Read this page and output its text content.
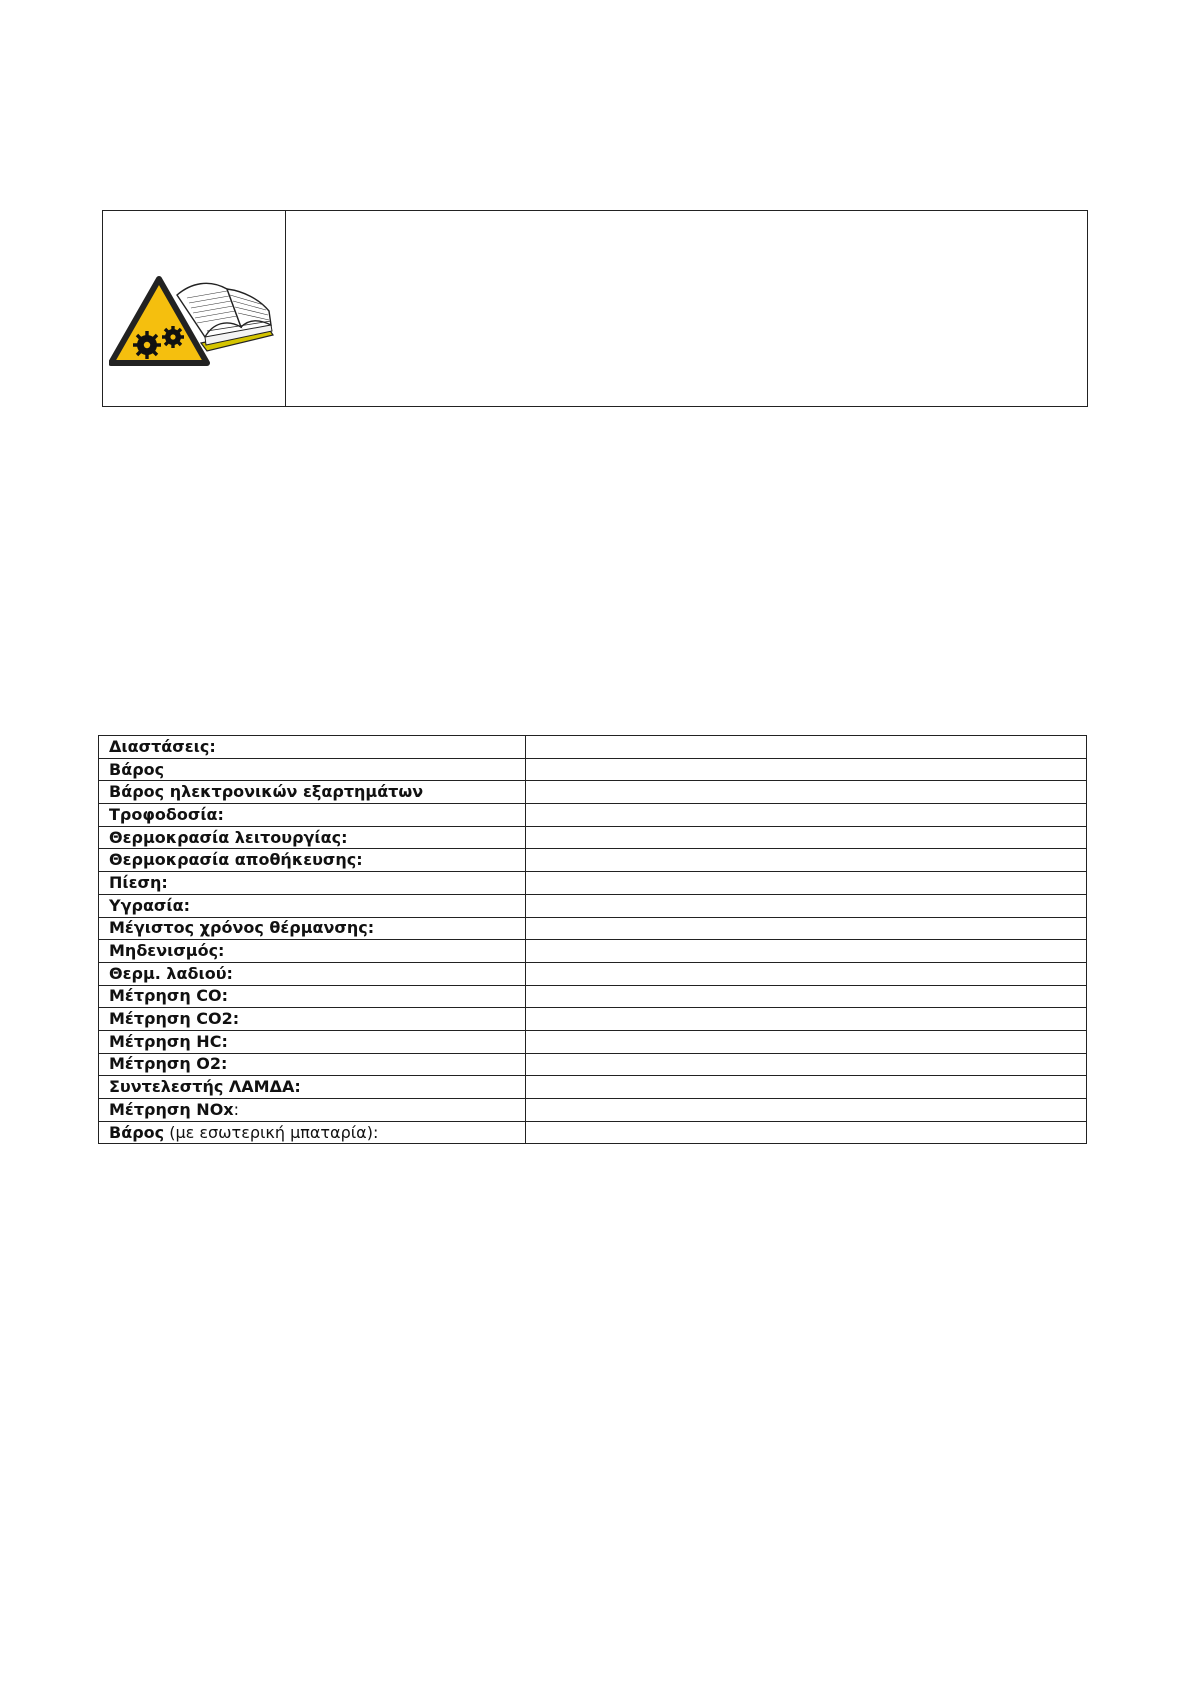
Διαστάσεις:	
Βάρος	
Βάρος ηλεκτρονικών εξαρτημάτων	
Τροφοδοσία:	
Θερμοκρασία λειτουργίας:	
Θερμοκρασία αποθήκευσης:	
Πίεση:	
Υγρασία:	
Μέγιστος χρόνος θέρμανσης:	
Μηδενισμός:	
Θερμ. λαδιού:	
Μέτρηση CO:	
Μέτρηση CO2:	
Μέτρηση HC:	
Μέτρηση O2:	
Συντελεστής ΛΑΜΔΑ:	
Μέτρηση NOx:	
Βάρος (με εσωτερική μπαταρία):	
